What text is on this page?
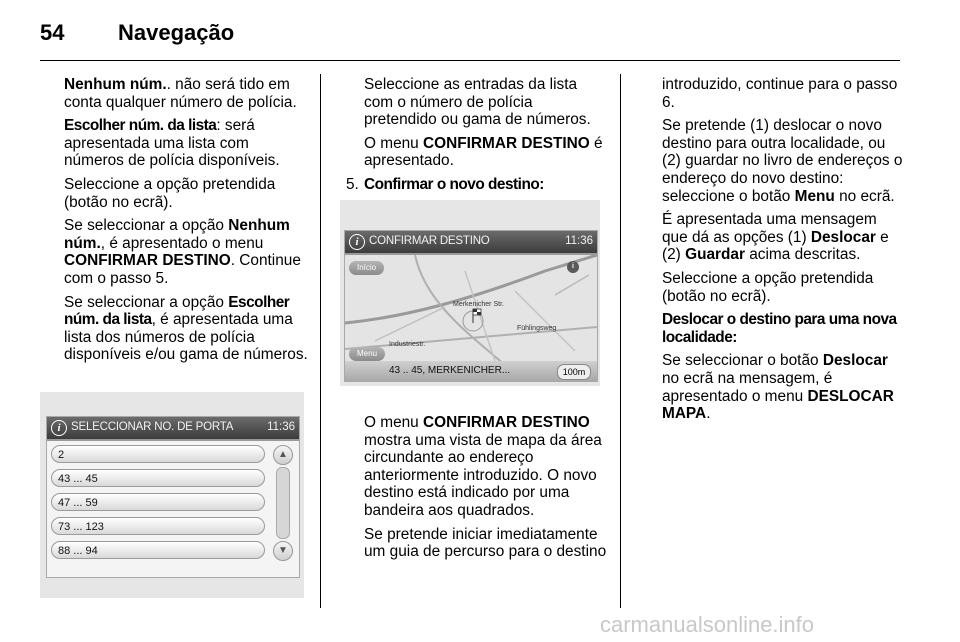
54 Navegação

Nenhum núm.. não será tido em conta qualquer número de polícia.

Escolher núm. da lista: será apresentada uma lista com números de polícia disponíveis.

Seleccione a opção pretendida (botão no ecrã).

Se seleccionar a opção Nenhum núm., é apresentado o menu CONFIRMAR DESTINO. Continue com o passo 5.

Se seleccionar a opção Escolher núm. da lista, é apresentada uma lista dos números de polícia disponíveis e/ou gama de números.

i SELECCIONAR NO. DE PORTA	11:36
2
43 ... 45
47 ... 59
73 ... 123
88 ... 94
▲
▼

Seleccione as entradas da lista com o número de polícia pretendido ou gama de números.

O menu CONFIRMAR DESTINO é apresentado.

5. Confirmar o novo destino:
i CONFIRMAR DESTINO	11:36
Merkenicher Str.
Fühlingsweg
Industriestr.
Início	i
Menu
43 .. 45, MERKENICHER...	100m

O menu CONFIRMAR DESTINO mostra uma vista de mapa da área circundante ao endereço anteriormente introduzido. O novo destino está indicado por uma bandeira aos quadrados.

Se pretende iniciar imediatamente um guia de percurso para o destino

introduzido, continue para o passo 6.

Se pretende (1) deslocar o novo destino para outra localidade, ou (2) guardar no livro de endereços o endereço do novo destino: seleccione o botão Menu no ecrã.

É apresentada uma mensagem que dá as opções (1) Deslocar e (2) Guardar acima descritas.

Seleccione a opção pretendida (botão no ecrã).

Deslocar o destino para uma nova localidade:

Se seleccionar o botão Deslocar no ecrã na mensagem, é apresentado o menu DESLOCAR MAPA.

carmanualsonline.info
